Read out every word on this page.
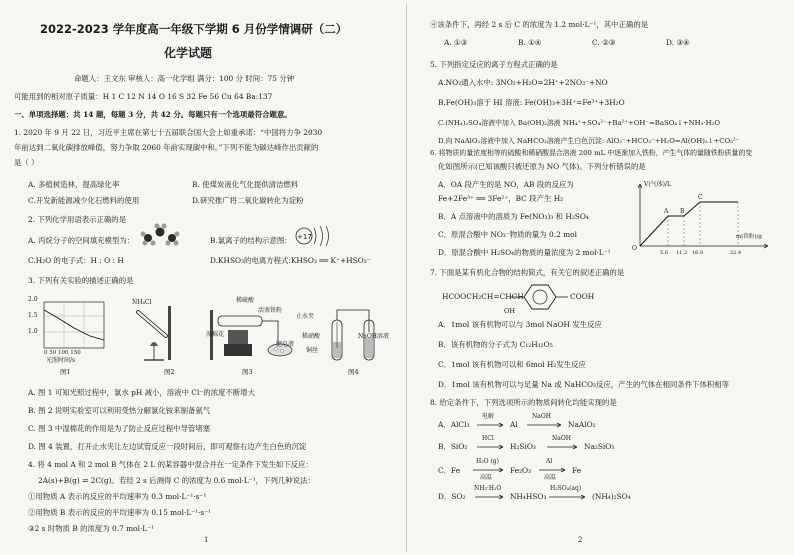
2022-2023 学年度高一年级下学期 6 月份学情调研（二）
化学试题
命题人：王文东 审核人：高一化学组 满分：100 分 时间：75 分钟
可能用到的相对原子质量：H 1 C 12 N 14 O 16 S 32 Fe 56 Cu 64 Ba:137
一、单项选择题：共 14 题，每题 3 分，共 42 分。每题只有一个选项最符合题意。
1. 2020 年 9 月 22 日，习近平主席在第七十五届联合国大会上如重承诺：“中国将力争 2030
年前达到二氧化碳排放峰值，努力争取 2060 年前实现碳中和。”下列不能为碳达峰作出贡献的
是（ ）
A. 多植树造林，提高绿化率	B. 使煤炭液化气化提供清洁燃料
C.开发新能源减少化石燃料的使用	D.研究推广将二氧化碳转化为淀粉
2. 下列化学用语表示正确的是
A. 丙烷分子的空间填充模型为：	B.氯离子的结构示意图： +17
C.H₂O 的电子式：H : O : H	D.KHSO₃的电离方程式:KHSO₃ ══ K⁺+HSO₃⁻
3. 下列有关实验的描述正确的是
2.0
1.5
1.0
0 50 100 150
光照时间/s
图1
NH₄Cl
图2
稀硫酸
活塞铁粉
湿棉花
肥皂液
图3
止水夹
稀硝酸
铜丝
NaOH溶液
图4
A. 图 1 可知光照过程中，氯水 pH 减小，溶液中 Cl⁻的浓度不断增大
B. 图 2 说明实验室可以利用受热分解氯化铵来制备氨气
C. 图 3 中湿棉花的作用是为了防止反应过程中导管堵塞
D. 图 4 装置，打开止水夹让左边试管反应一段时间后，即可观察右边产生白色的沉淀
4. 将 4 mol A 和 2 mol B 气体在 2 L 的某容器中混合并在一定条件下发生如下反应：
2A(s)+B(g) ⇌ 2C(g)。若经 2 s 后测得 C 的浓度为 0.6 mol·L⁻¹，下列几种说法：
①用物质 A 表示的反应的平均速率为 0.3 mol·L⁻¹·s⁻¹
②用物质 B 表示的反应的平均速率为 0.15 mol·L⁻¹·s⁻¹
③2 s 时物质 B 的浓度为 0.7 mol·L⁻¹
1
④该条件下，再经 2 s 后 C 的浓度为 1.2 mol·L⁻¹，其中正确的是
A. ①③	B. ①④	C. ②③	D. ③④
5. 下列指定反应的离子方程式正确的是
A.NO₂通入水中: 3NO₂+H₂O=2H⁺+2NO₃⁻+NO
B.Fe(OH)₃溶于 HI 溶液: Fe(OH)₃+3H⁺=Fe³⁺+3H₂O
C.(NH₄)₂SO₄溶液中加入 Ba(OH)₂溶液 NH₄⁺+SO₄²⁻+Ba²⁺+OH⁻=BaSO₄↓+NH₃·H₂O
D.向 NaAlO₂溶液中加入 NaHCO₃溶液产生白色沉淀: AlO₂⁻+HCO₃⁻+H₂O=Al(OH)₃↓+CO₃²⁻
6. 将物质的量浓度相等的硫酸和稀硝酸混合溶液 200 mL 中逐渐加入铁粉，产生气体的量随铁粉质量的变
化如图所示(已知该酸只被还原为 NO 气体)。下列分析错误的是
A．OA 段产生的是 NO，AB 段的反应为
Fe+2Fe³⁺ ══ 3Fe²⁺，BC 段产生 H₂
B．A 点溶液中的溶质为 Fe(NO₃)₃ 和 H₂SO₄
C．原混合酸中 NO₃⁻物质的量为 0.2 mol
D．原混合酸中 H₂SO₄的物质的量浓度为 2 mol·L⁻¹
V(气体)/L
m(铁粉)/g
O
A B
C
5.6 11.2 16.8	22.4
7. 下面是某有机化合物的结构简式，有关它的叙述正确的是
HCOOCH₂CH=CHCH
OH
COOH
A．1mol 该有机物可以与 3mol NaOH 发生反应
B．该有机物的分子式为 C₁₂H₁₂O₅
C．1mol 该有机物可以和 6mol H₂发生反应
D．1mol 该有机物可以与足量 Na 或 NaHCO₃反应，产生的气体在相同条件下体积相等
8. 给定条件下，下列选项所示的物质间转化均能实现的是
A．AlCl₃
电解
Al
NaOH
NaAlO₂
B．SiO₂
HCl
H₂SiO₃
NaOH
Na₂SiO₃
C．Fe
H₂O (g)
高温
Fe₂O₃
Al
高温
Fe
D．SO₂
NH₃·H₂O
NH₄HSO₃
H₂SO₄(aq)
(NH₄)₂SO₄
2
